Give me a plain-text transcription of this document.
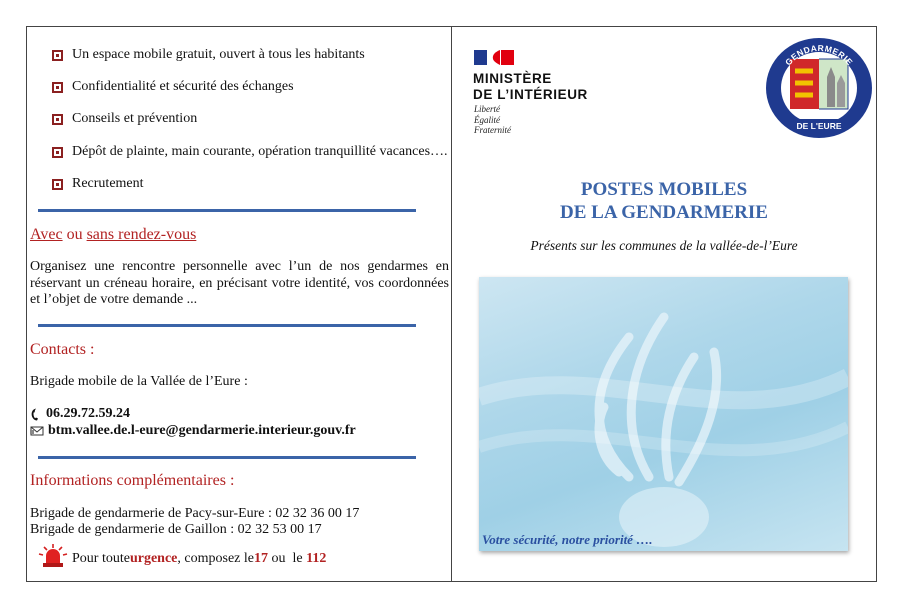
Un espace mobile gratuit, ouvert à tous les habitants
Confidentialité et sécurité des échanges
Conseils et prévention
Dépôt de plainte, main courante, opération tranquillité vacances….
Recrutement
Avec ou sans rendez-vous
Organisez une rencontre personnelle avec l’un de nos gendarmes en réservant un créneau horaire, en précisant votre identité, vos coordonnées et l’objet de votre demande ...
Contacts :
Brigade mobile de la Vallée de l’Eure :
06.29.72.59.24
btm.vallee.de.l-eure@gendarmerie.interieur.gouv.fr
Informations complémentaires :
Brigade de gendarmerie de Pacy-sur-Eure : 02 32 36 00 17
Brigade de gendarmerie de Gaillon : 02 32 53 00 17
Pour toute urgence , composez le 17 ou  le 112
MINISTÈRE
DE L’INTÉRIEUR
Liberté
Égalité
Fraternité
GENDARMERIE
DE L'EURE
POSTES MOBILES
DE LA GENDARMERIE
Présents sur les communes de la vallée-de-l’Eure
Votre sécurité, notre priorité ….
